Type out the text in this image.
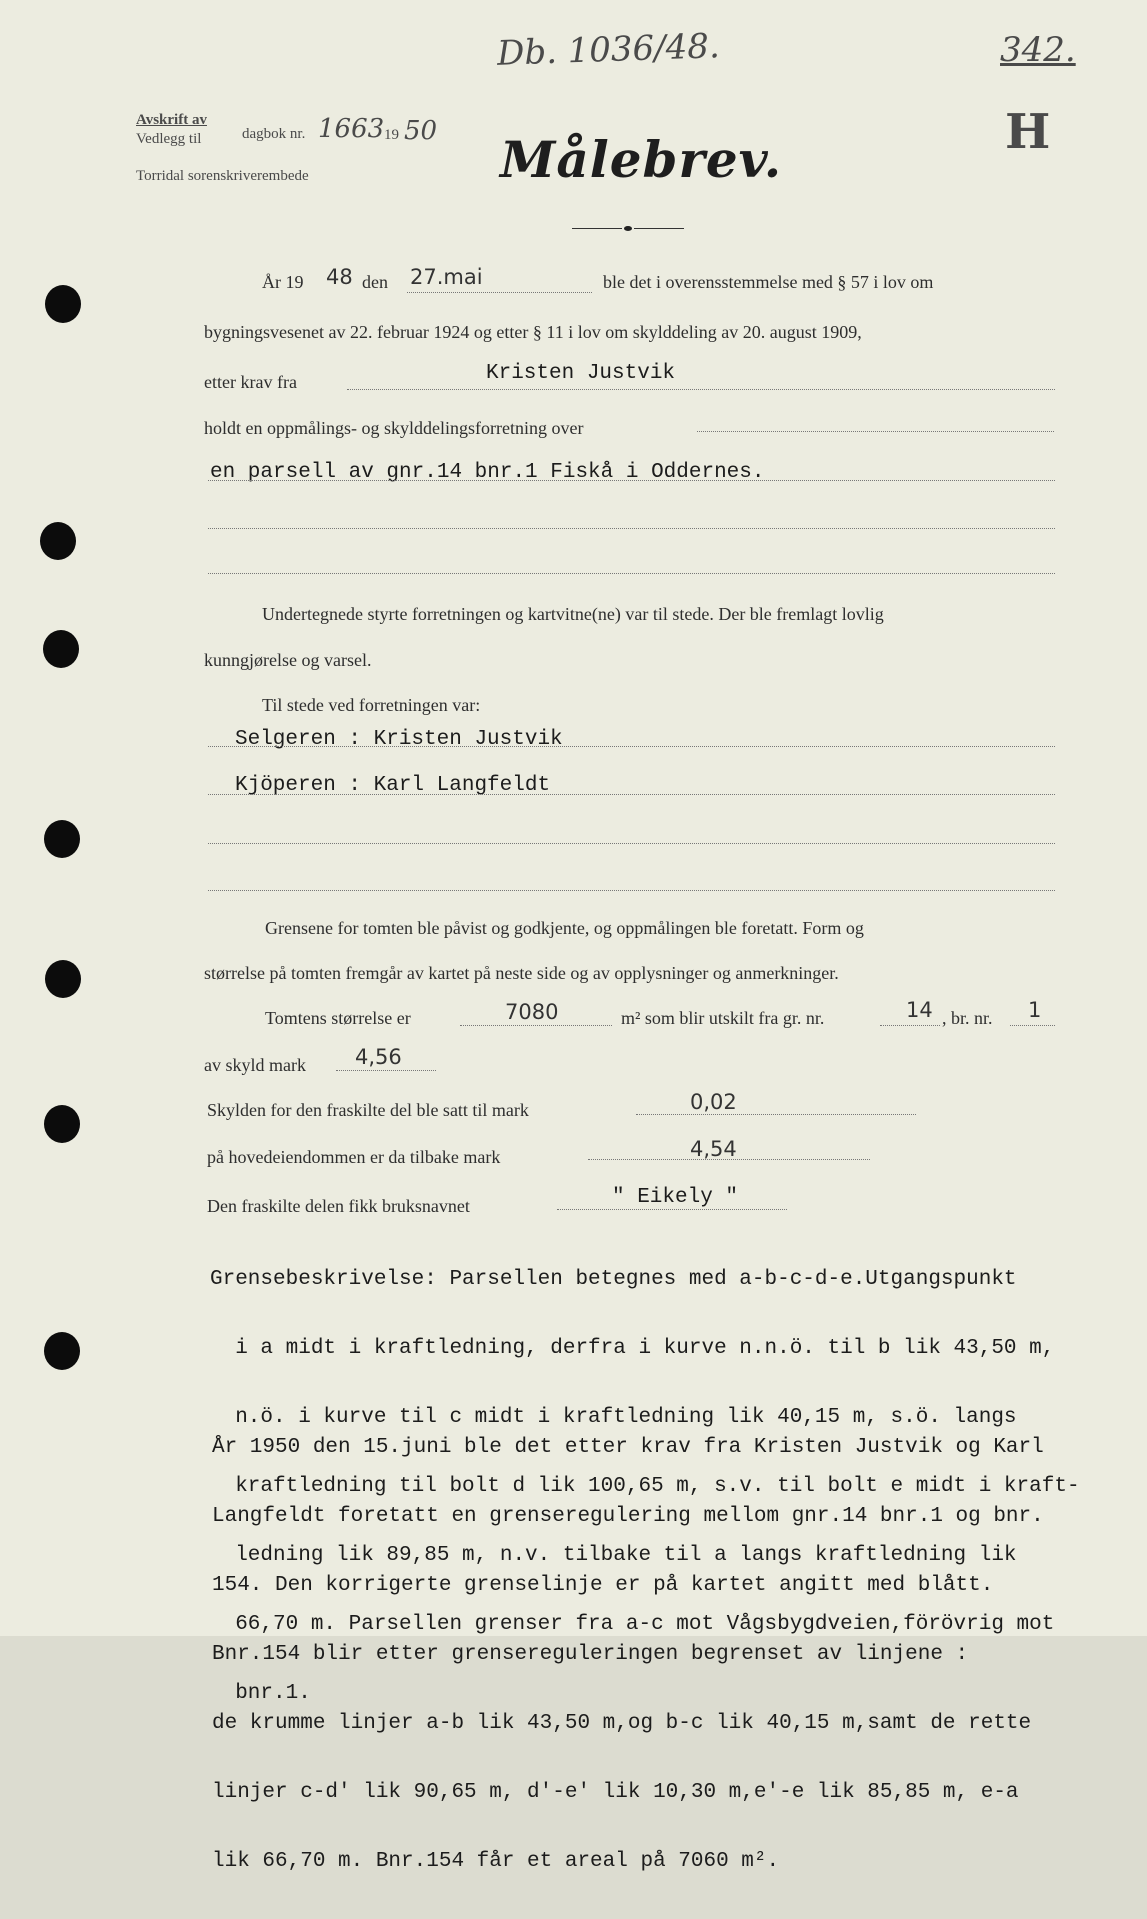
Db. 1036/48.	342.
H
Avskrift av
Vedlegg til	dagbok nr. 1663 19 50
Torridal sorenskriverembede	Målebrev.
År 19 48 den 27.mai	ble det i overensstemmelse med § 57 i lov om
bygningsvesenet av 22. februar 1924 og etter § 11 i lov om skylddeling av 20. august 1909,
etter krav fra	Kristen Justvik
holdt en oppmålings- og skylddelingsforretning over
en parsell av gnr.14 bnr.1 Fiskå i Oddernes.
Undertegnede styrte forretningen og kartvitne(ne) var til stede. Der ble fremlagt lovlig
kunngjørelse og varsel.
Til stede ved forretningen var:
Selgeren : Kristen Justvik
Kjöperen : Karl Langfeldt
Grensene for tomten ble påvist og godkjente, og oppmålingen ble foretatt. Form og
størrelse på tomten fremgår av kartet på neste side og av opplysninger og anmerkninger.
Tomtens størrelse er	7080	m² som blir utskilt fra gr. nr.	14 , br. nr. 1
av skyld mark 4,56
Skylden for den fraskilte del ble satt til mark	0,02
på hovedeiendommen er da tilbake mark	4,54
Den fraskilte delen fikk bruksnavnet	" Eikely "

Grensebeskrivelse: Parsellen betegnes med a-b-c-d-e.Utgangspunkt

i a midt i kraftledning, derfra i kurve n.n.ö. til b lik 43,50 m,

n.ö. i kurve til c midt i kraftledning lik 40,15 m, s.ö. langs

kraftledning til bolt d lik 100,65 m, s.v. til bolt e midt i kraft-

ledning lik 89,85 m, n.v. tilbake til a langs kraftledning lik

66,70 m. Parsellen grenser fra a-c mot Vågsbygdveien,förövrig mot

bnr.1.

År 1950 den 15.juni ble det etter krav fra Kristen Justvik og Karl

Langfeldt foretatt en grenseregulering mellom gnr.14 bnr.1 og bnr.

154. Den korrigerte grenselinje er på kartet angitt med blått.

Bnr.154 blir etter grensereguleringen begrenset av linjene :

de krumme linjer a-b lik 43,50 m,og b-c lik 40,15 m,samt de rette

linjer c-d' lik 90,65 m, d'-e' lik 10,30 m,e'-e lik 85,85 m, e-a

lik 66,70 m. Bnr.154 får et areal på 7060 m².
